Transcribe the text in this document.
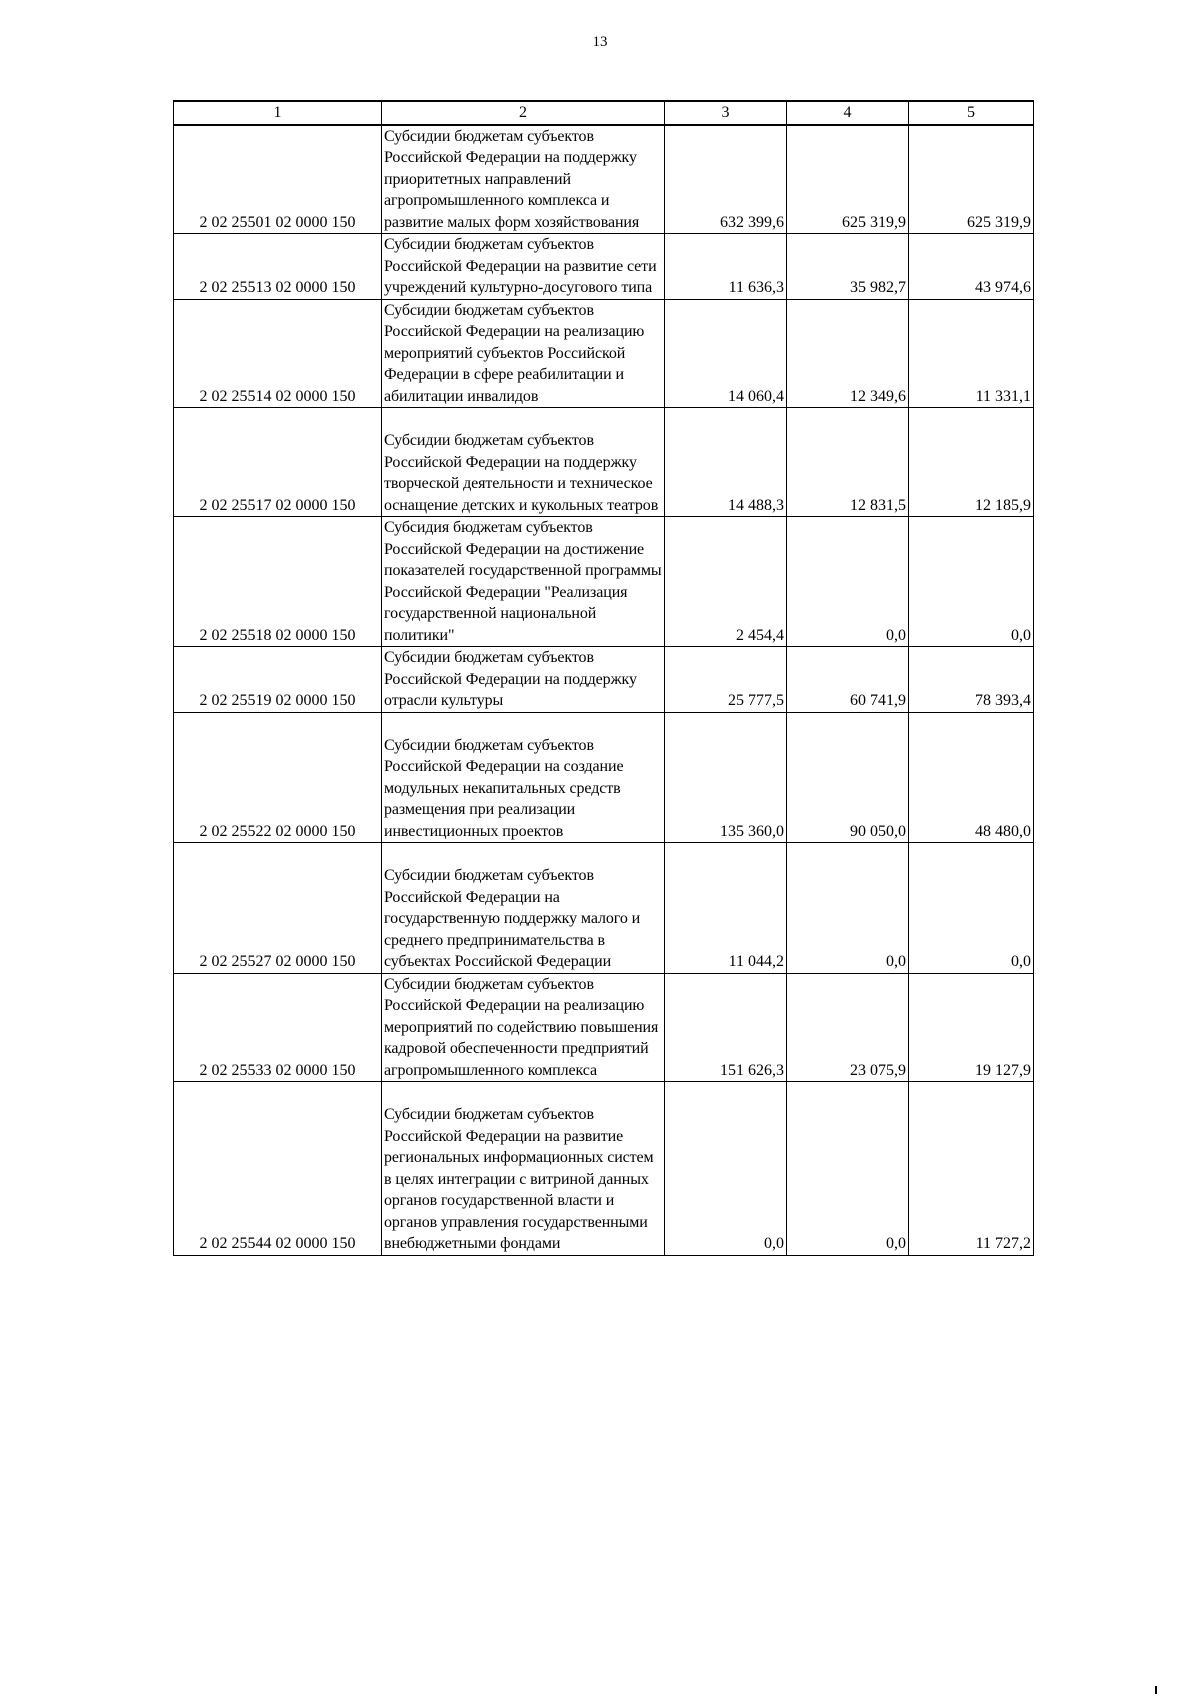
13
1	2	3	4	5
2 02 25501 02 0000 150	Субсидии бюджетам субъектов Российской Федерации на поддержку приоритетных направлений агропромышленного комплекса и развитие малых форм хозяйствования	632 399,6	625 319,9	625 319,9
2 02 25513 02 0000 150	Субсидии бюджетам субъектов Российской Федерации на развитие сети учреждений культурно-досугового типа	11 636,3	35 982,7	43 974,6
2 02 25514 02 0000 150	Субсидии бюджетам субъектов Российской Федерации на реализацию мероприятий субъектов Российской Федерации в сфере реабилитации и абилитации инвалидов	14 060,4	12 349,6	11 331,1
2 02 25517 02 0000 150	Субсидии бюджетам субъектов Российской Федерации на поддержку творческой деятельности и техническое оснащение детских и кукольных театров	14 488,3	12 831,5	12 185,9
2 02 25518 02 0000 150	Субсидия бюджетам субъектов Российской Федерации на достижение показателей государственной программы Российской Федерации "Реализация государственной национальной политики"	2 454,4	0,0	0,0
2 02 25519 02 0000 150	Субсидии бюджетам субъектов Российской Федерации на поддержку отрасли культуры	25 777,5	60 741,9	78 393,4
2 02 25522 02 0000 150	Субсидии бюджетам субъектов Российской Федерации на создание модульных некапитальных средств размещения при реализации инвестиционных проектов	135 360,0	90 050,0	48 480,0
2 02 25527 02 0000 150	Субсидии бюджетам субъектов Российской Федерации на государственную поддержку малого и среднего предпринимательства в субъектах Российской Федерации	11 044,2	0,0	0,0
2 02 25533 02 0000 150	Субсидии бюджетам субъектов Российской Федерации на реализацию мероприятий по содействию повышения кадровой обеспеченности предприятий агропромышленного комплекса	151 626,3	23 075,9	19 127,9
2 02 25544 02 0000 150	Субсидии бюджетам субъектов Российской Федерации на развитие региональных информационных систем в целях интеграции с витриной данных органов государственной власти и органов управления государственными внебюджетными фондами	0,0	0,0	11 727,2
